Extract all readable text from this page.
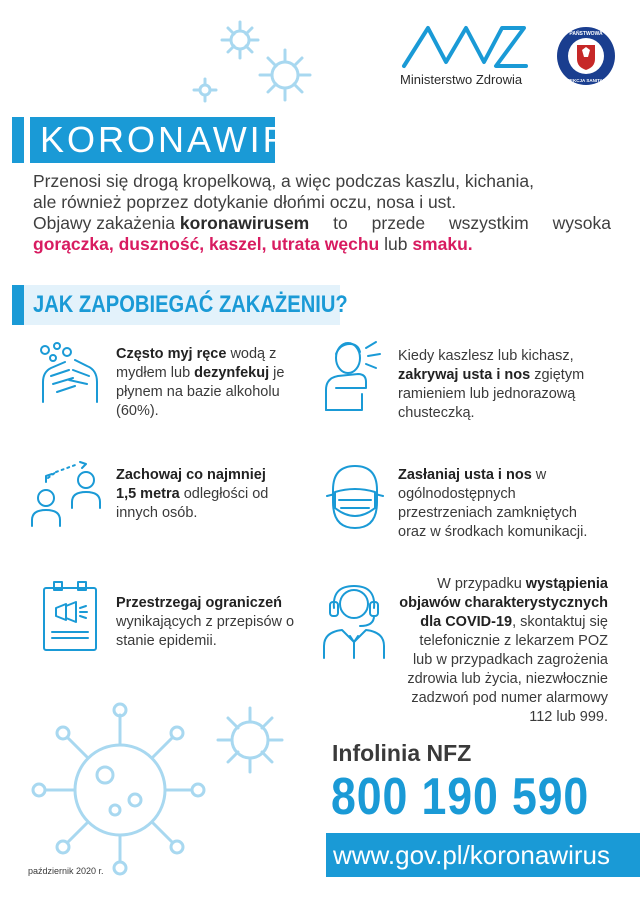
Ministerstwo Zdrowia
PAŃSTWOWA
INSPEKCJA SANITARNA
KORONAWIRUS
Przenosi się drogą kropelkową, a więc podczas kaszlu, kichania,
ale również poprzez dotykanie dłońmi oczu, nosa i ust.
Objawy zakażenia koronawirusem to przede wszystkim wysoka
gorączka, duszność, kaszel, utrata węchu lub smaku.
JAK ZAPOBIEGAĆ ZAKAŻENIU?
Często myj ręce wodą z mydłem lub dezynfekuj je płynem na bazie alkoholu (60%).
Kiedy kaszlesz lub kichasz, zakrywaj usta i nos zgiętym ramieniem lub jednorazową chusteczką.
Zachowaj co najmniej 1,5 metra odległości od innych osób.
Zasłaniaj usta i nos w ogólnodostępnych przestrzeniach zamkniętych oraz w środkach komunikacji.
Przestrzegaj ograniczeń wynikających z przepisów o stanie epidemii.
W przypadku wystąpienia objawów charakterystycznych dla COVID-19, skontaktuj się telefonicznie z lekarzem POZ lub w przypadkach zagrożenia zdrowia lub życia, niezwłocznie zadzwoń pod numer alarmowy 112 lub 999.
Infolinia NFZ
800 190 590
www.gov.pl/koronawirus
październik 2020 r.
